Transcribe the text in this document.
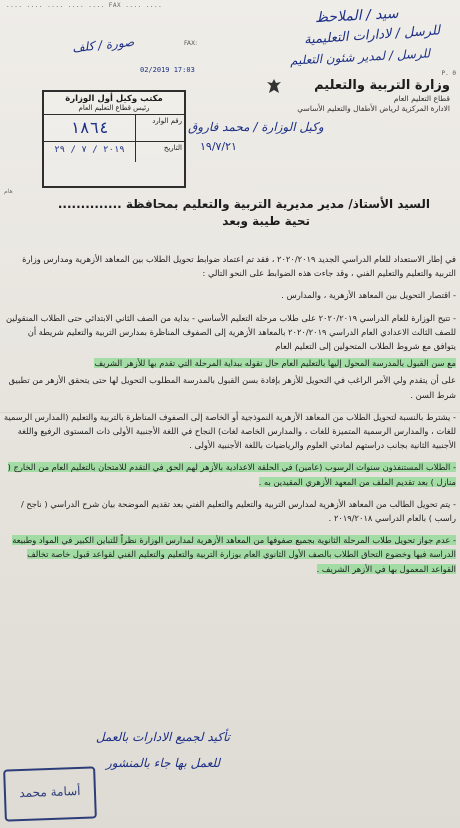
.... .... .... .... .... FAX .... ....
FAX:
P. 0
02/2019 17:03
سيد / الملاحظ
للرسل / لادارات التعليمية
للرسل / لمدير شئون التعليم
صورة / كلف
وزارة التربية والتعليم
قطاع التعليم العام
الادارة المركزية لرياض الأطفال والتعليم الأساسي
مكتب وكيل أول الوزارة
رئيس قطاع التعليم العام
رقم الوارد
١٨٦٤
التاريخ
٢٠١٩ / ٧ / ٢٩
وكيل الوزارة / محمد فاروق
١٩/٧/٢١
هام
السيد الأستاذ/ مدير مديرية التربية والتعليم بمحافظة ..............
تحية طيبة وبعد

في إطار الاستعداد للعام الدراسي الجديد ٢٠٢٠/٢٠١٩ ، فقد تم اعتماد ضوابط تحويل الطلاب بين المعاهد الأزهرية ومدارس وزارة التربية والتعليم والتعليم الفني ، وقد جاءت هذه الضوابط على النحو التالي :

- اقتصار التحويل بين المعاهد الأزهرية ، والمدارس .

- تتيح الوزارة للعام الدراسي ٢٠٢٠/٢٠١٩ على طلاب مرحلة التعليم الأساسي - بداية من الصف الثاني الابتدائي حتى الطلاب المنقولين للصف الثالث الاعدادي العام الدراسي ٢٠٢٠/٢٠١٩ بالمعاهد الأزهرية إلى الصفوف المناظرة بمدارس التربية والتعليم شريطة أن يتوافق مع شروط الطلاب المتحولين إلى التعليم العام

مع سن القبول بالمدرسة المحول إليها بالتعليم العام حال تقوله ببداية المرحلة التي تقدم بها للأزهر الشريف

على أن يتقدم ولي الأمر الراغب في التحويل للأزهر بإفادة بسن القبول بالمدرسة المطلوب التحويل لها حتى يتحقق الأزهر من تطبيق شرط السن .

- يشترط بالنسبة لتحويل الطلاب من المعاهد الأزهرية النموذجية أو الخاصة إلى الصفوف المناظرة بالتربية والتعليم (المدارس الرسمية للغات ، والمدارس الرسمية المتميزة للغات ، والمدارس الخاصة لغات) النجاح في اللغة الأجنبية الأولى ذات المستوى الرفيع واللغة الأجنبية الثانية بجانب دراستهم لمادتي العلوم والرياضيات باللغة الأجنبية الأولى .

- الطلاب المستنفذون سنوات الرسوب (عامين) في الحلقة الاعدادية بالأزهر لهم الحق في التقدم للامتحان بالتعليم العام من الخارج ( منازل ) بعد تقديم الملف من المعهد الأزهري المقيدين به .

- يتم تحويل الطالب من المعاهد الأزهرية لمدارس التربية والتعليم والتعليم الفني بعد تقديم الموضحة بيان شرح الدراسي ( ناجح / راسب ) بالعام الدراسي ٢٠١٩/٢٠١٨ .

- عدم جواز تحويل طلاب المرحلة الثانوية بجميع صفوفها من المعاهد الأزهرية لمدارس الوزارة نظراً للتباين الكبير في المواد وطبيعة الدراسة فيها وخضوع التحاق الطلاب بالصف الأول الثانوي العام بوزارة التربية والتعليم والتعليم الفني لقواعد قبول خاصة تخالف القواعد المعمول بها في الأزهر الشريف .

تأكيد لجميع الادارات بالعمل
للعمل بها جاء بالمنشور
أسامة محمد
